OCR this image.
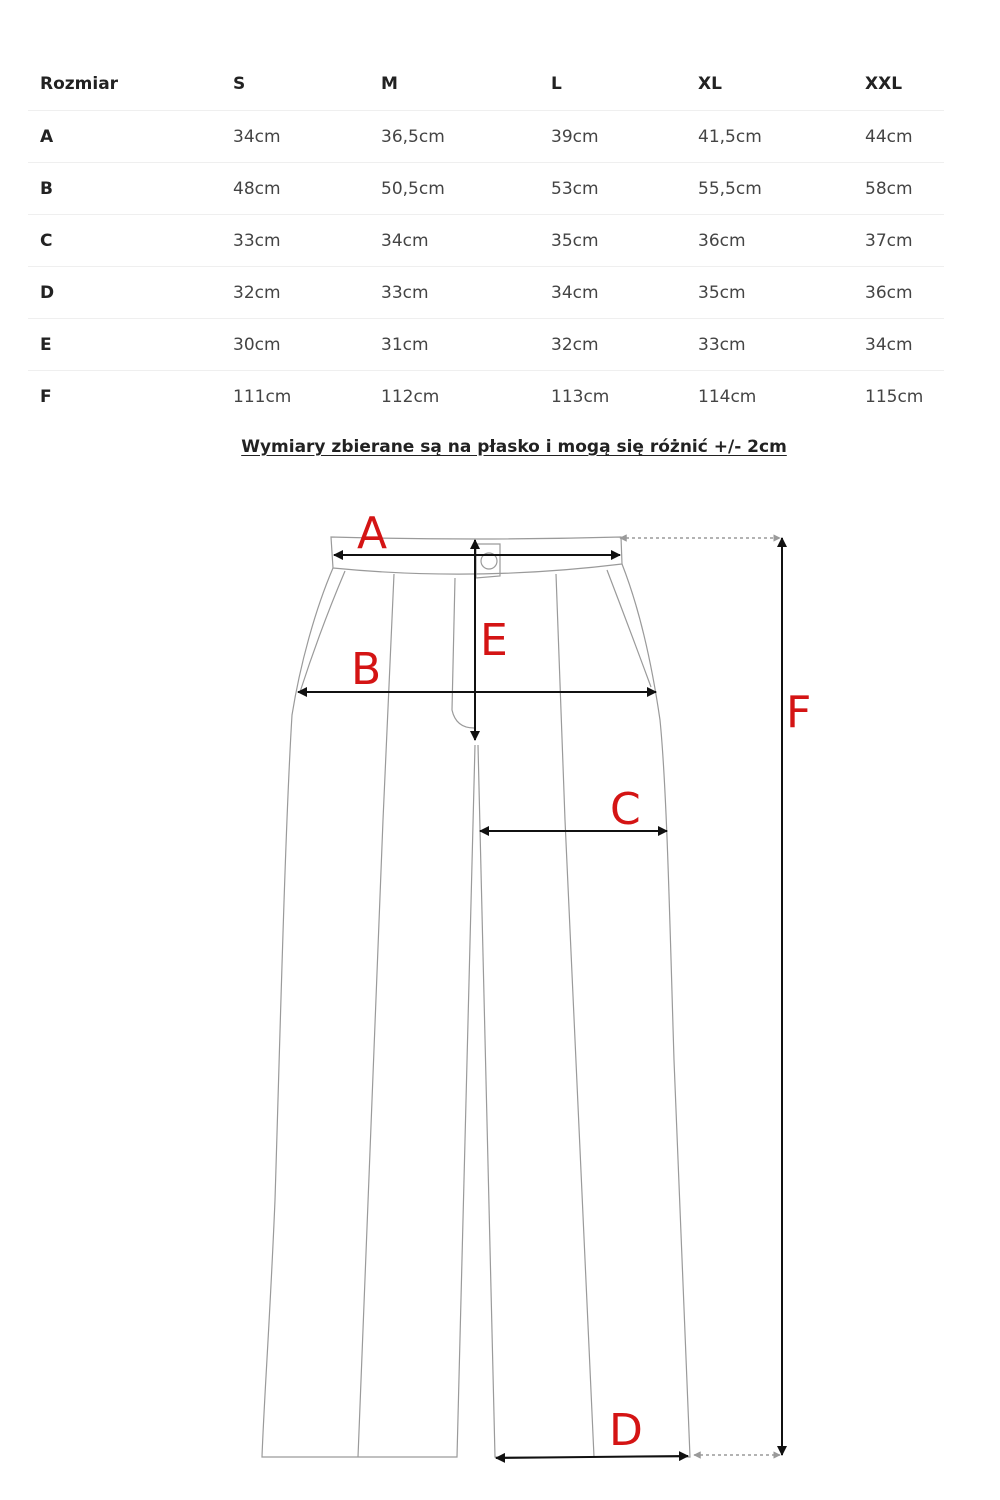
Rozmiar	S	M	L	XL	XXL
A	34cm	36,5cm	39cm	41,5cm	44cm
B	48cm	50,5cm	53cm	55,5cm	58cm
C	33cm	34cm	35cm	36cm	37cm
D	32cm	33cm	34cm	35cm	36cm
E	30cm	31cm	32cm	33cm	34cm
F	111cm	112cm	113cm	114cm	115cm
Wymiary zbierane są na płasko i mogą się różnić +/- 2cm
A
B
E
C
D
F
